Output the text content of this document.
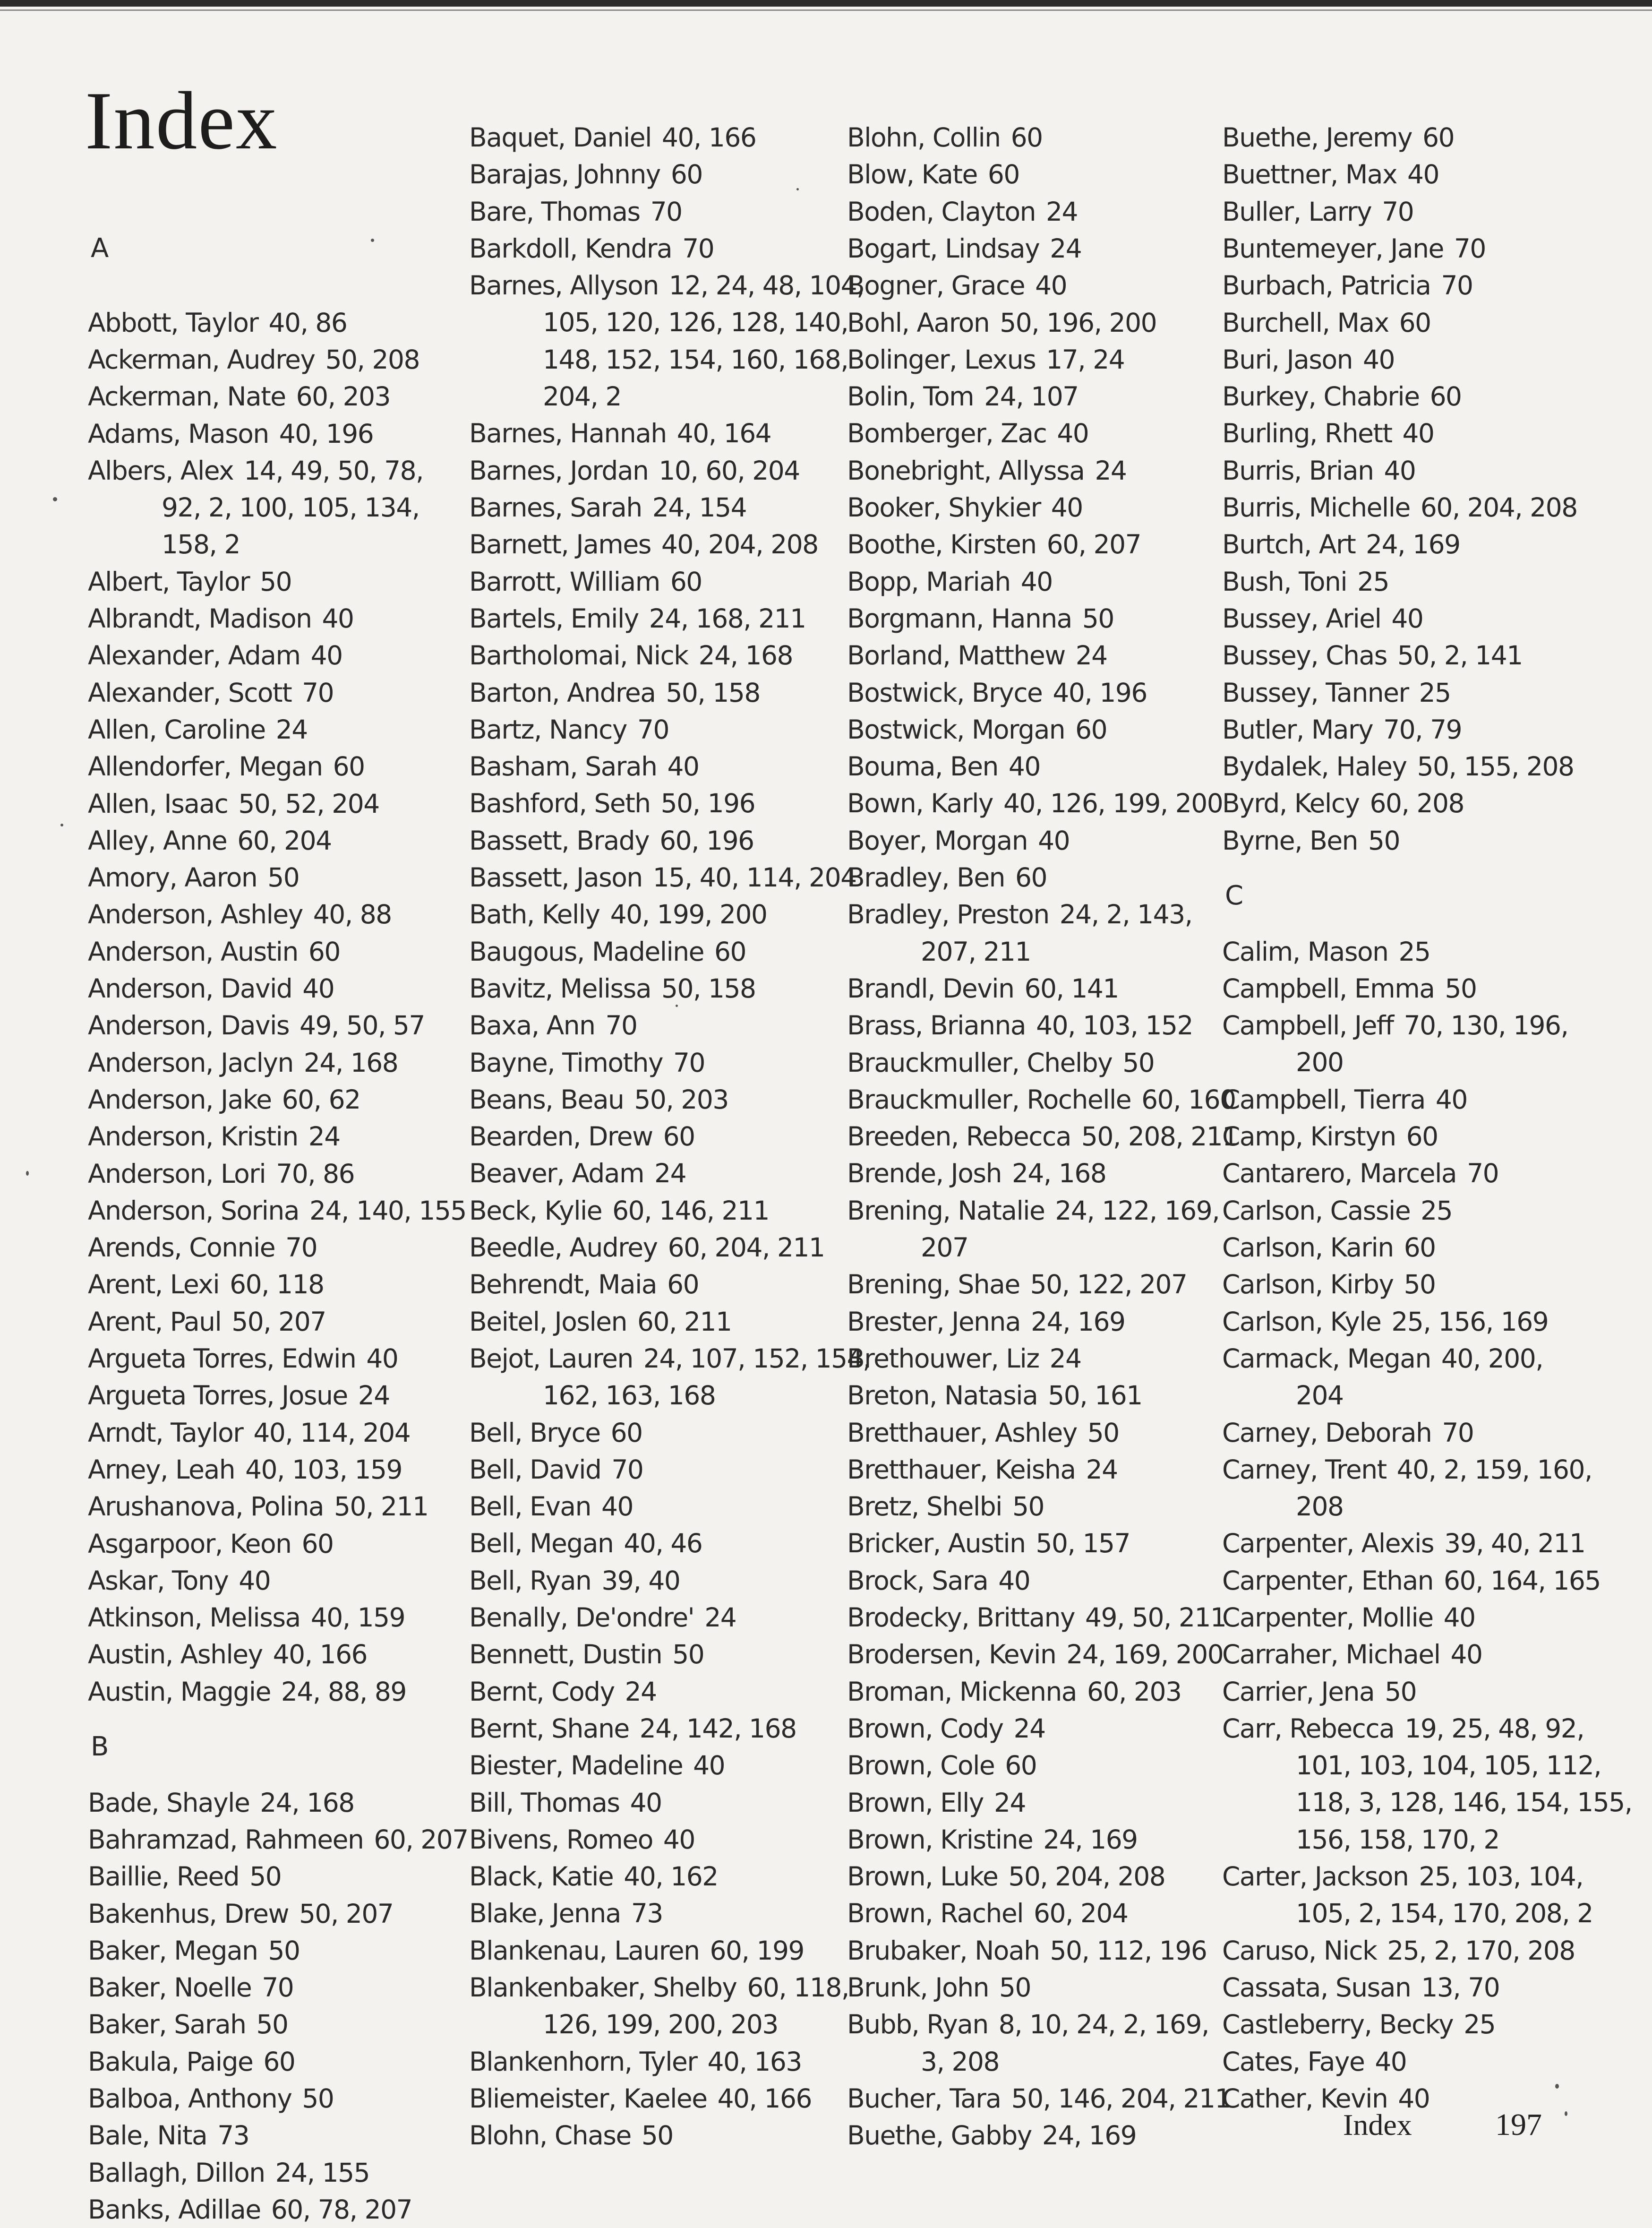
Index
A
Abbott, Taylor 40, 86
Ackerman, Audrey 50, 208
Ackerman, Nate 60, 203
Adams, Mason 40, 196
Albers, Alex 14, 49, 50, 78,
92, 2, 100, 105, 134,
158, 2
Albert, Taylor 50
Albrandt, Madison 40
Alexander, Adam 40
Alexander, Scott 70
Allen, Caroline 24
Allendorfer, Megan 60
Allen, Isaac 50, 52, 204
Alley, Anne 60, 204
Amory, Aaron 50
Anderson, Ashley 40, 88
Anderson, Austin 60
Anderson, David 40
Anderson, Davis 49, 50, 57
Anderson, Jaclyn 24, 168
Anderson, Jake 60, 62
Anderson, Kristin 24
Anderson, Lori 70, 86
Anderson, Sorina 24, 140, 155
Arends, Connie 70
Arent, Lexi 60, 118
Arent, Paul 50, 207
Argueta Torres, Edwin 40
Argueta Torres, Josue 24
Arndt, Taylor 40, 114, 204
Arney, Leah 40, 103, 159
Arushanova, Polina 50, 211
Asgarpoor, Keon 60
Askar, Tony 40
Atkinson, Melissa 40, 159
Austin, Ashley 40, 166
Austin, Maggie 24, 88, 89
B
Bade, Shayle 24, 168
Bahramzad, Rahmeen 60, 207
Baillie, Reed 50
Bakenhus, Drew 50, 207
Baker, Megan 50
Baker, Noelle 70
Baker, Sarah 50
Bakula, Paige 60
Balboa, Anthony 50
Bale, Nita 73
Ballagh, Dillon 24, 155
Banks, Adillae 60, 78, 207
Baquet, Daniel 40, 166
Barajas, Johnny 60
Bare, Thomas 70
Barkdoll, Kendra 70
Barnes, Allyson 12, 24, 48, 104,
105, 120, 126, 128, 140,
148, 152, 154, 160, 168,
204, 2
Barnes, Hannah 40, 164
Barnes, Jordan 10, 60, 204
Barnes, Sarah 24, 154
Barnett, James 40, 204, 208
Barrott, William 60
Bartels, Emily 24, 168, 211
Bartholomai, Nick 24, 168
Barton, Andrea 50, 158
Bartz, Nancy 70
Basham, Sarah 40
Bashford, Seth 50, 196
Bassett, Brady 60, 196
Bassett, Jason 15, 40, 114, 204
Bath, Kelly 40, 199, 200
Baugous, Madeline 60
Bavitz, Melissa 50, 158
Baxa, Ann 70
Bayne, Timothy 70
Beans, Beau 50, 203
Bearden, Drew 60
Beaver, Adam 24
Beck, Kylie 60, 146, 211
Beedle, Audrey 60, 204, 211
Behrendt, Maia 60
Beitel, Joslen 60, 211
Bejot, Lauren 24, 107, 152, 154,
162, 163, 168
Bell, Bryce 60
Bell, David 70
Bell, Evan 40
Bell, Megan 40, 46
Bell, Ryan 39, 40
Benally, De'ondre' 24
Bennett, Dustin 50
Bernt, Cody 24
Bernt, Shane 24, 142, 168
Biester, Madeline 40
Bill, Thomas 40
Bivens, Romeo 40
Black, Katie 40, 162
Blake, Jenna 73
Blankenau, Lauren 60, 199
Blankenbaker, Shelby 60, 118,
126, 199, 200, 203
Blankenhorn, Tyler 40, 163
Bliemeister, Kaelee 40, 166
Blohn, Chase 50
Blohn, Collin 60
Blow, Kate 60
Boden, Clayton 24
Bogart, Lindsay 24
Bogner, Grace 40
Bohl, Aaron 50, 196, 200
Bolinger, Lexus 17, 24
Bolin, Tom 24, 107
Bomberger, Zac 40
Bonebright, Allyssa 24
Booker, Shykier 40
Boothe, Kirsten 60, 207
Bopp, Mariah 40
Borgmann, Hanna 50
Borland, Matthew 24
Bostwick, Bryce 40, 196
Bostwick, Morgan 60
Bouma, Ben 40
Bown, Karly 40, 126, 199, 200
Boyer, Morgan 40
Bradley, Ben 60
Bradley, Preston 24, 2, 143,
207, 211
Brandl, Devin 60, 141
Brass, Brianna 40, 103, 152
Brauckmuller, Chelby 50
Brauckmuller, Rochelle 60, 160
Breeden, Rebecca 50, 208, 211
Brende, Josh 24, 168
Brening, Natalie 24, 122, 169,
207
Brening, Shae 50, 122, 207
Brester, Jenna 24, 169
Brethouwer, Liz 24
Breton, Natasia 50, 161
Bretthauer, Ashley 50
Bretthauer, Keisha 24
Bretz, Shelbi 50
Bricker, Austin 50, 157
Brock, Sara 40
Brodecky, Brittany 49, 50, 211
Brodersen, Kevin 24, 169, 200
Broman, Mickenna 60, 203
Brown, Cody 24
Brown, Cole 60
Brown, Elly 24
Brown, Kristine 24, 169
Brown, Luke 50, 204, 208
Brown, Rachel 60, 204
Brubaker, Noah 50, 112, 196
Brunk, John 50
Bubb, Ryan 8, 10, 24, 2, 169,
3, 208
Bucher, Tara 50, 146, 204, 211
Buethe, Gabby 24, 169
Buethe, Jeremy 60
Buettner, Max 40
Buller, Larry 70
Buntemeyer, Jane 70
Burbach, Patricia 70
Burchell, Max 60
Buri, Jason 40
Burkey, Chabrie 60
Burling, Rhett 40
Burris, Brian 40
Burris, Michelle 60, 204, 208
Burtch, Art 24, 169
Bush, Toni 25
Bussey, Ariel 40
Bussey, Chas 50, 2, 141
Bussey, Tanner 25
Butler, Mary 70, 79
Bydalek, Haley 50, 155, 208
Byrd, Kelcy 60, 208
Byrne, Ben 50
C
Calim, Mason 25
Campbell, Emma 50
Campbell, Jeff 70, 130, 196,
200
Campbell, Tierra 40
Camp, Kirstyn 60
Cantarero, Marcela 70
Carlson, Cassie 25
Carlson, Karin 60
Carlson, Kirby 50
Carlson, Kyle 25, 156, 169
Carmack, Megan 40, 200,
204
Carney, Deborah 70
Carney, Trent 40, 2, 159, 160,
208
Carpenter, Alexis 39, 40, 211
Carpenter, Ethan 60, 164, 165
Carpenter, Mollie 40
Carraher, Michael 40
Carrier, Jena 50
Carr, Rebecca 19, 25, 48, 92,
101, 103, 104, 105, 112,
118, 3, 128, 146, 154, 155,
156, 158, 170, 2
Carter, Jackson 25, 103, 104,
105, 2, 154, 170, 208, 2
Caruso, Nick 25, 2, 170, 208
Cassata, Susan 13, 70
Castleberry, Becky 25
Cates, Faye 40
Cather, Kevin 40
Index	197
